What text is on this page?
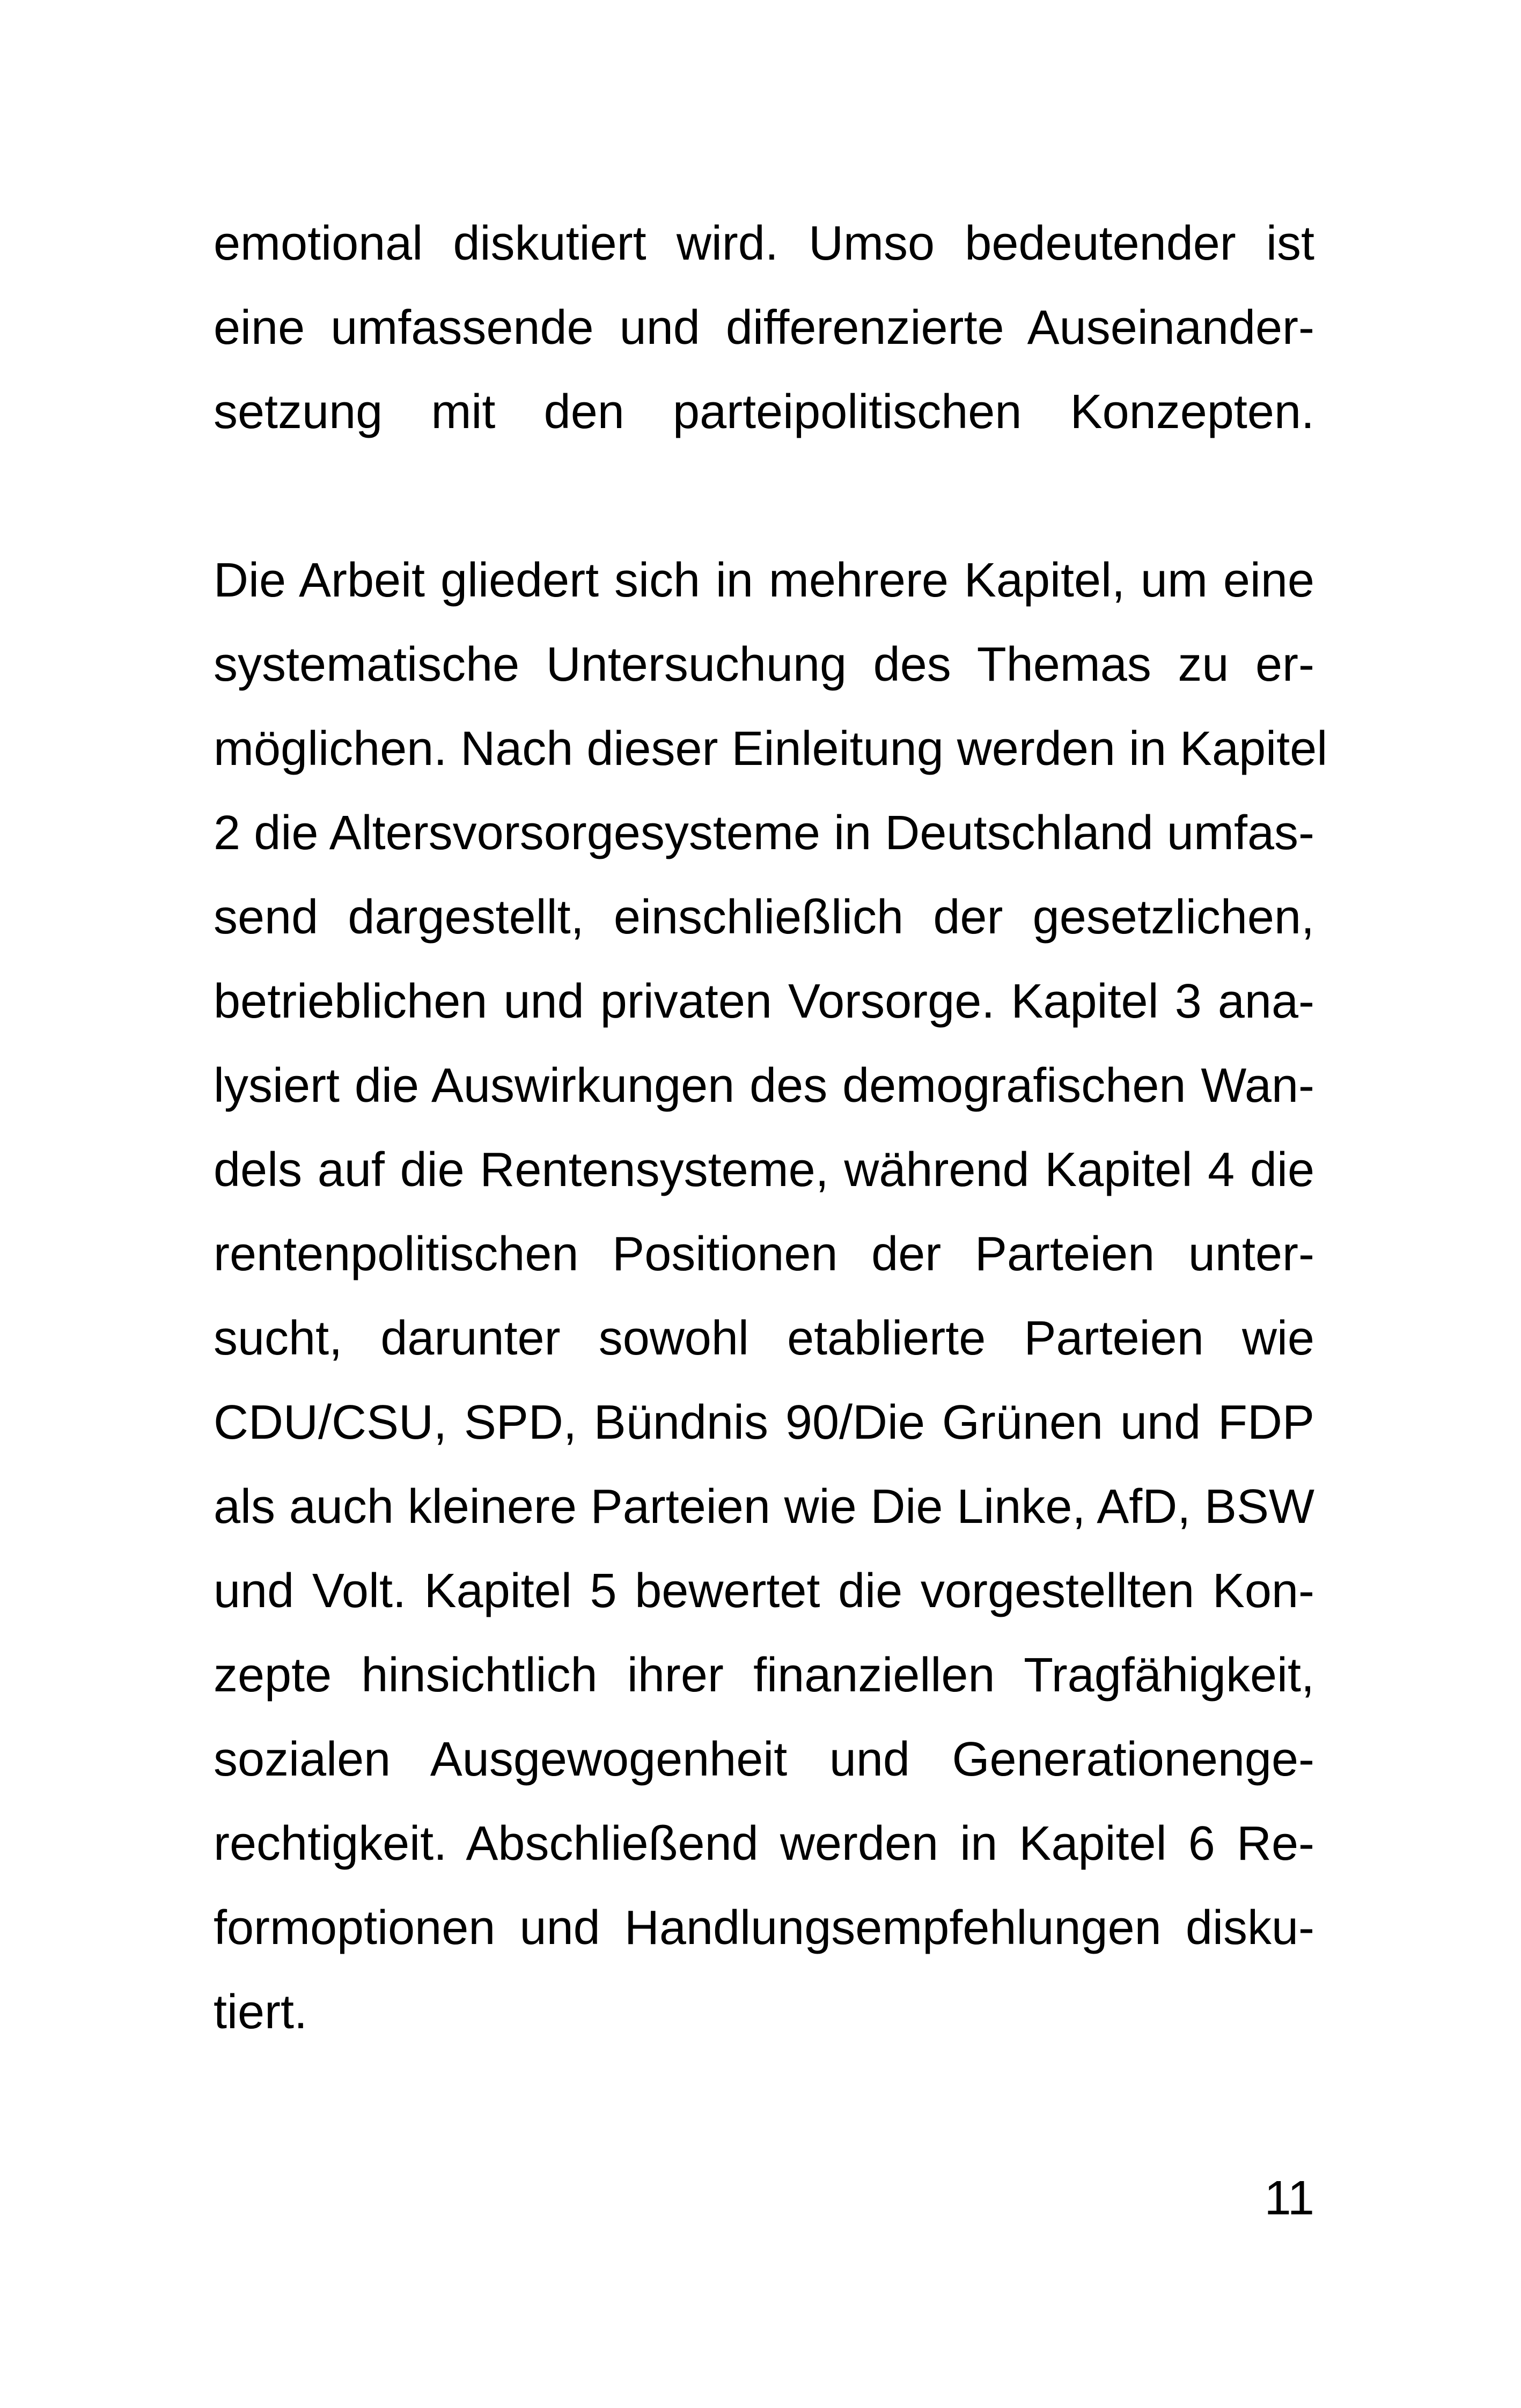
emotional diskutiert wird. Umso bedeutender ist
eine umfassende und differenzierte Auseinander-
setzung mit den parteipolitischen Konzepten.
Die Arbeit gliedert sich in mehrere Kapitel, um eine
systematische Untersuchung des Themas zu er-
möglichen. Nach dieser Einleitung werden in Kapitel
2 die Altersvorsorgesysteme in Deutschland umfas-
send dargestellt, einschließlich der gesetzlichen,
betrieblichen und privaten Vorsorge. Kapitel 3 ana-
lysiert die Auswirkungen des demografischen Wan-
dels auf die Rentensysteme, während Kapitel 4 die
rentenpolitischen Positionen der Parteien unter-
sucht, darunter sowohl etablierte Parteien wie
CDU/CSU, SPD, Bündnis 90/Die Grünen und FDP
als auch kleinere Parteien wie Die Linke, AfD, BSW
und Volt. Kapitel 5 bewertet die vorgestellten Kon-
zepte hinsichtlich ihrer finanziellen Tragfähigkeit,
sozialen Ausgewogenheit und Generationenge-
rechtigkeit. Abschließend werden in Kapitel 6 Re-
formoptionen und Handlungsempfehlungen disku-
tiert.
11
